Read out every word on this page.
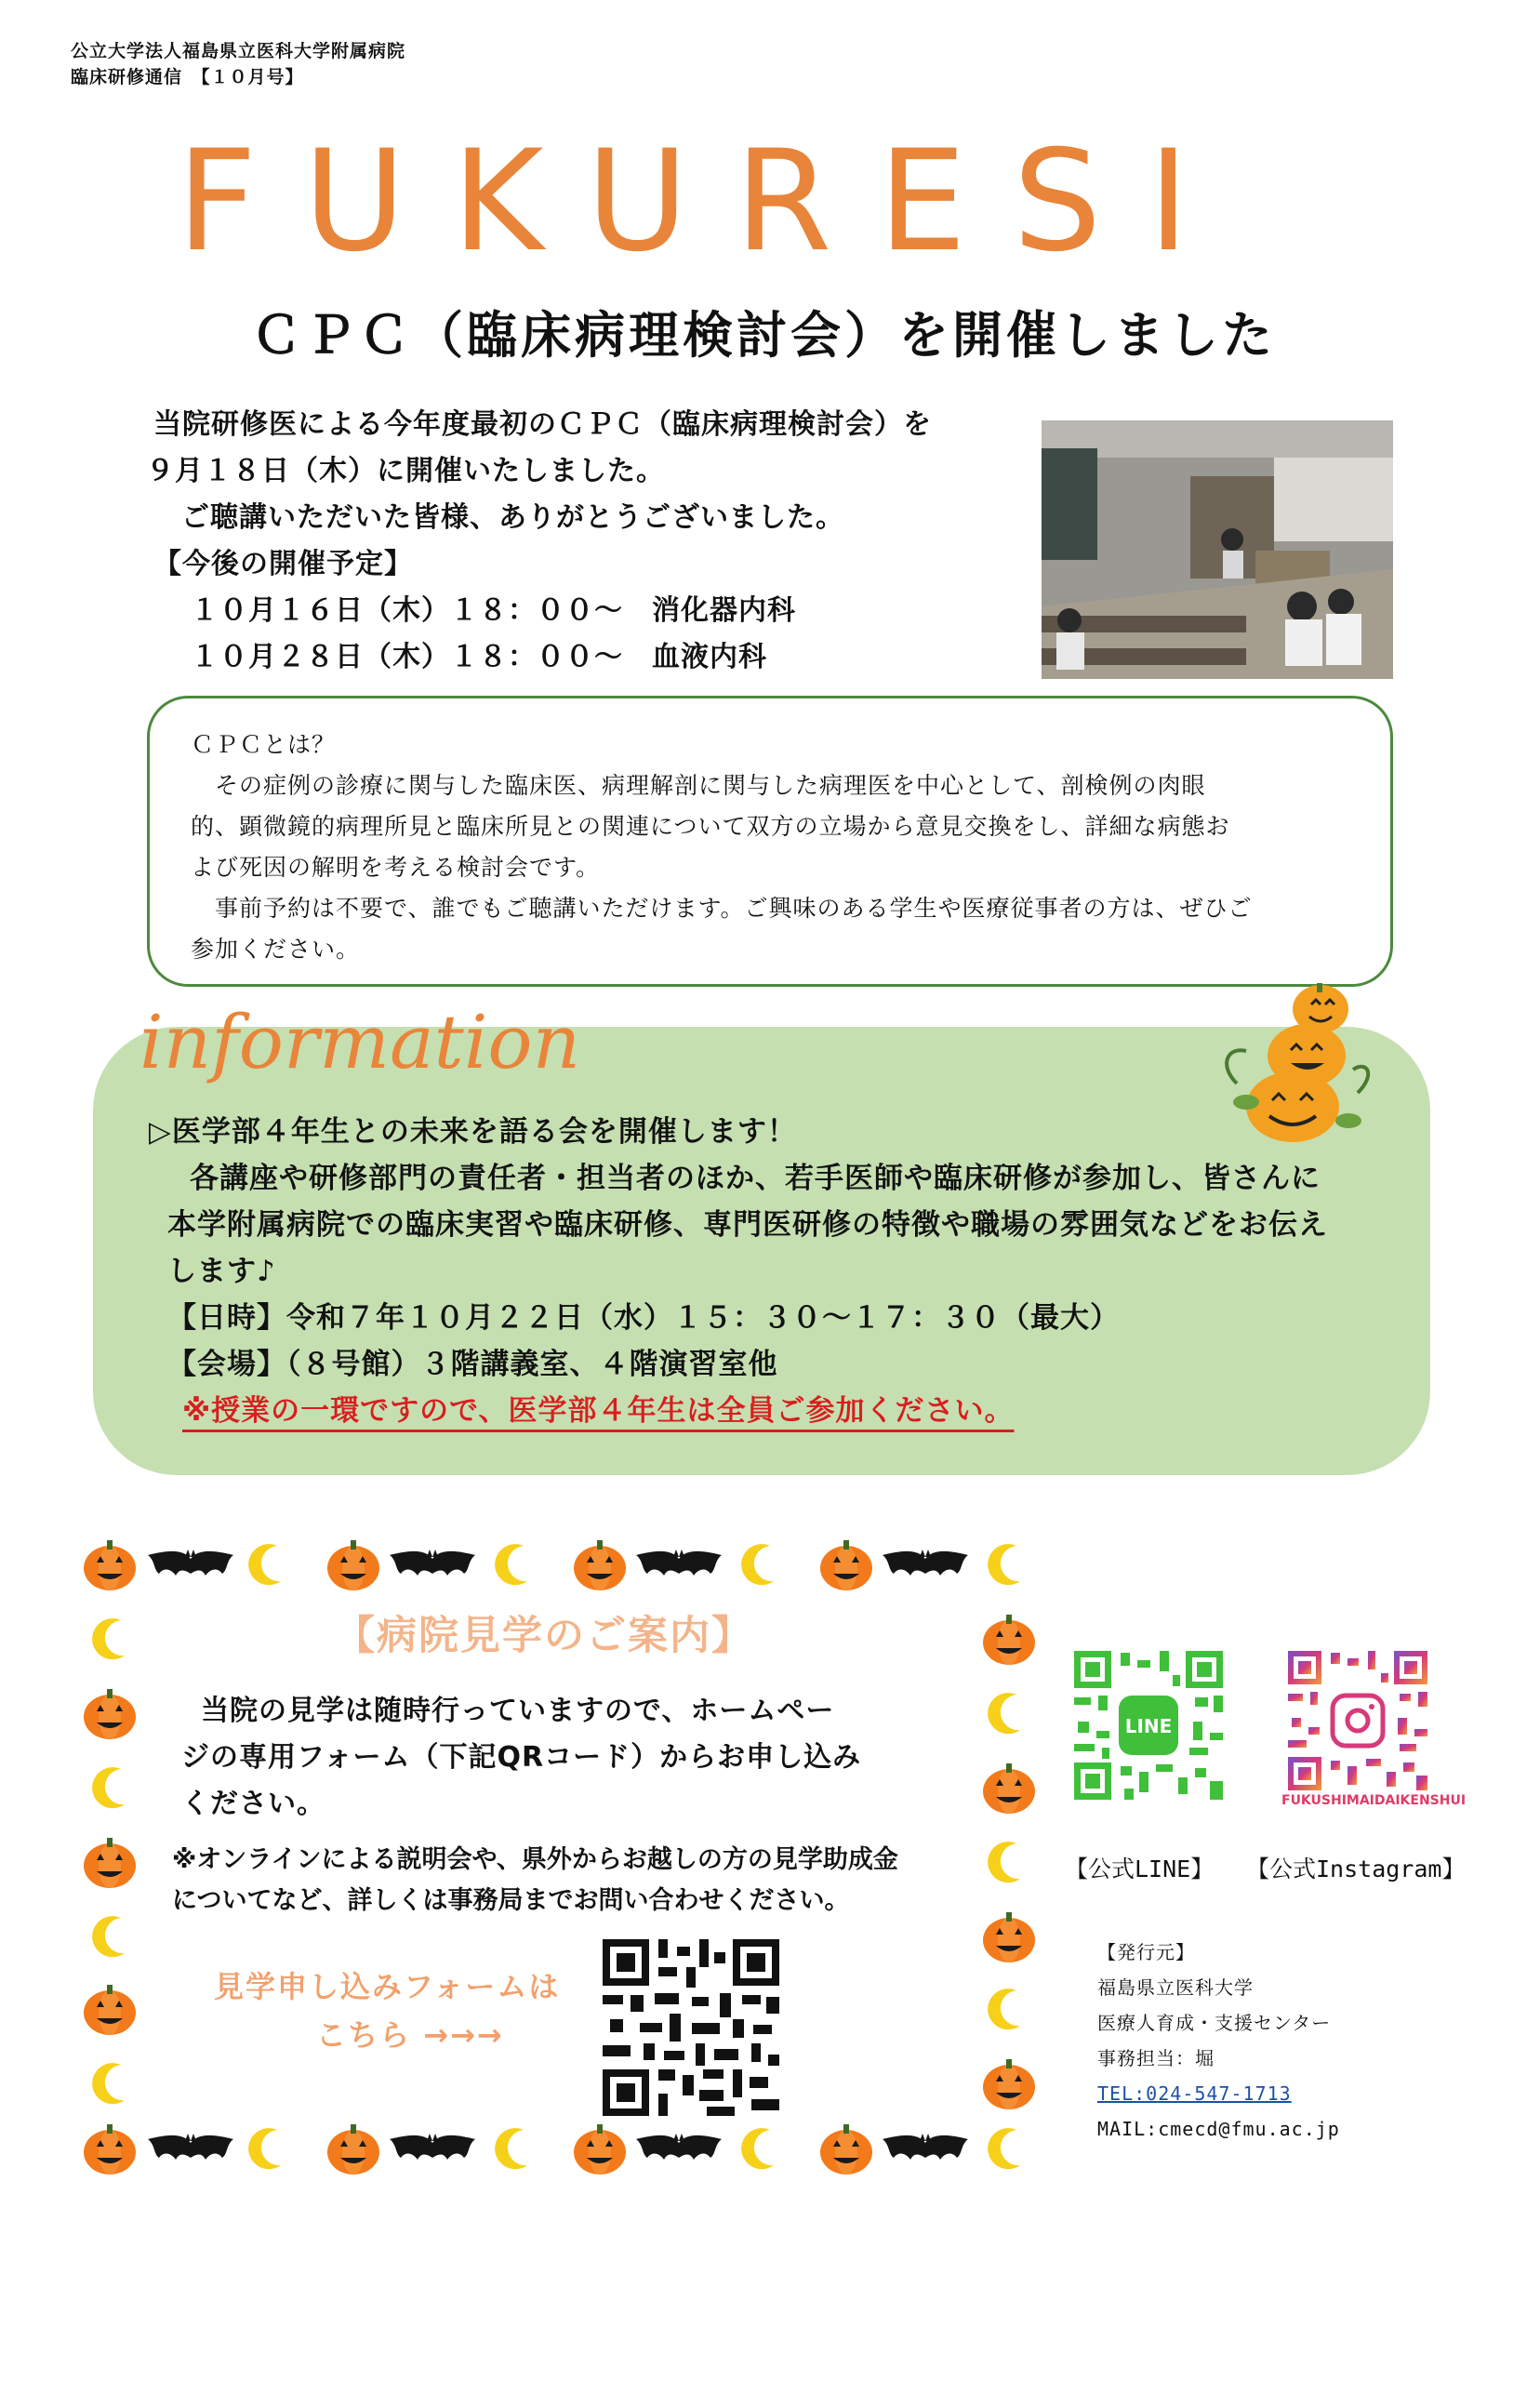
公立大学法人福島県立医科大学附属病院
臨床研修通信　【１０月号】
FUKURESI
ＣＰＣ（臨床病理検討会）を開催しました

当院研修医による今年度最初のＣＰＣ（臨床病理検討会）を

９月１８日（木）に開催いたしました。

ご聴講いただいた皆様、ありがとうございました。

【今後の開催予定】

１０月１６日（木）１８：００～　消化器内科

１０月２８日（木）１８：００～　血液内科

ＣＰＣとは？

　その症例の診療に関与した臨床医、病理解剖に関与した病理医を中心として、剖検例の肉眼

的、顕微鏡的病理所見と臨床所見との関連について双方の立場から意見交換をし、詳細な病態お

よび死因の解明を考える検討会です。

　事前予約は不要で、誰でもご聴講いただけます。ご興味のある学生や医療従事者の方は、ぜひご

参加ください。

information

▷医学部４年生との未来を語る会を開催します！

　各講座や研修部門の責任者・担当者のほか、若手医師や臨床研修が参加し、皆さんに

本学附属病院での臨床実習や臨床研修、専門医研修の特徴や職場の雰囲気などをお伝え

します♪

【日時】令和７年１０月２２日（水）１５：３０～１７：３０（最大）

【会場】（８号館）３階講義室、４階演習室他

※授業の一環ですので、医学部４年生は全員ご参加ください。

【病院見学のご案内】

　当院の見学は随時行っていますので、ホームペー

ジの専用フォーム（下記QRコード）からお申し込み

ください。

※オンラインによる説明会や、県外からお越しの方の見学助成金

についてなど、詳しくは事務局までお問い合わせください。

見学申し込みフォームは

こちら →→→

LINE
FUKUSHIMAIDAIKENSHUI
【公式LINE】 【公式Instagram】

【発行元】

福島県立医科大学

医療人育成・支援センター

事務担当：堀

TEL:024-547-1713

MAIL:cmecd@fmu.ac.jp
